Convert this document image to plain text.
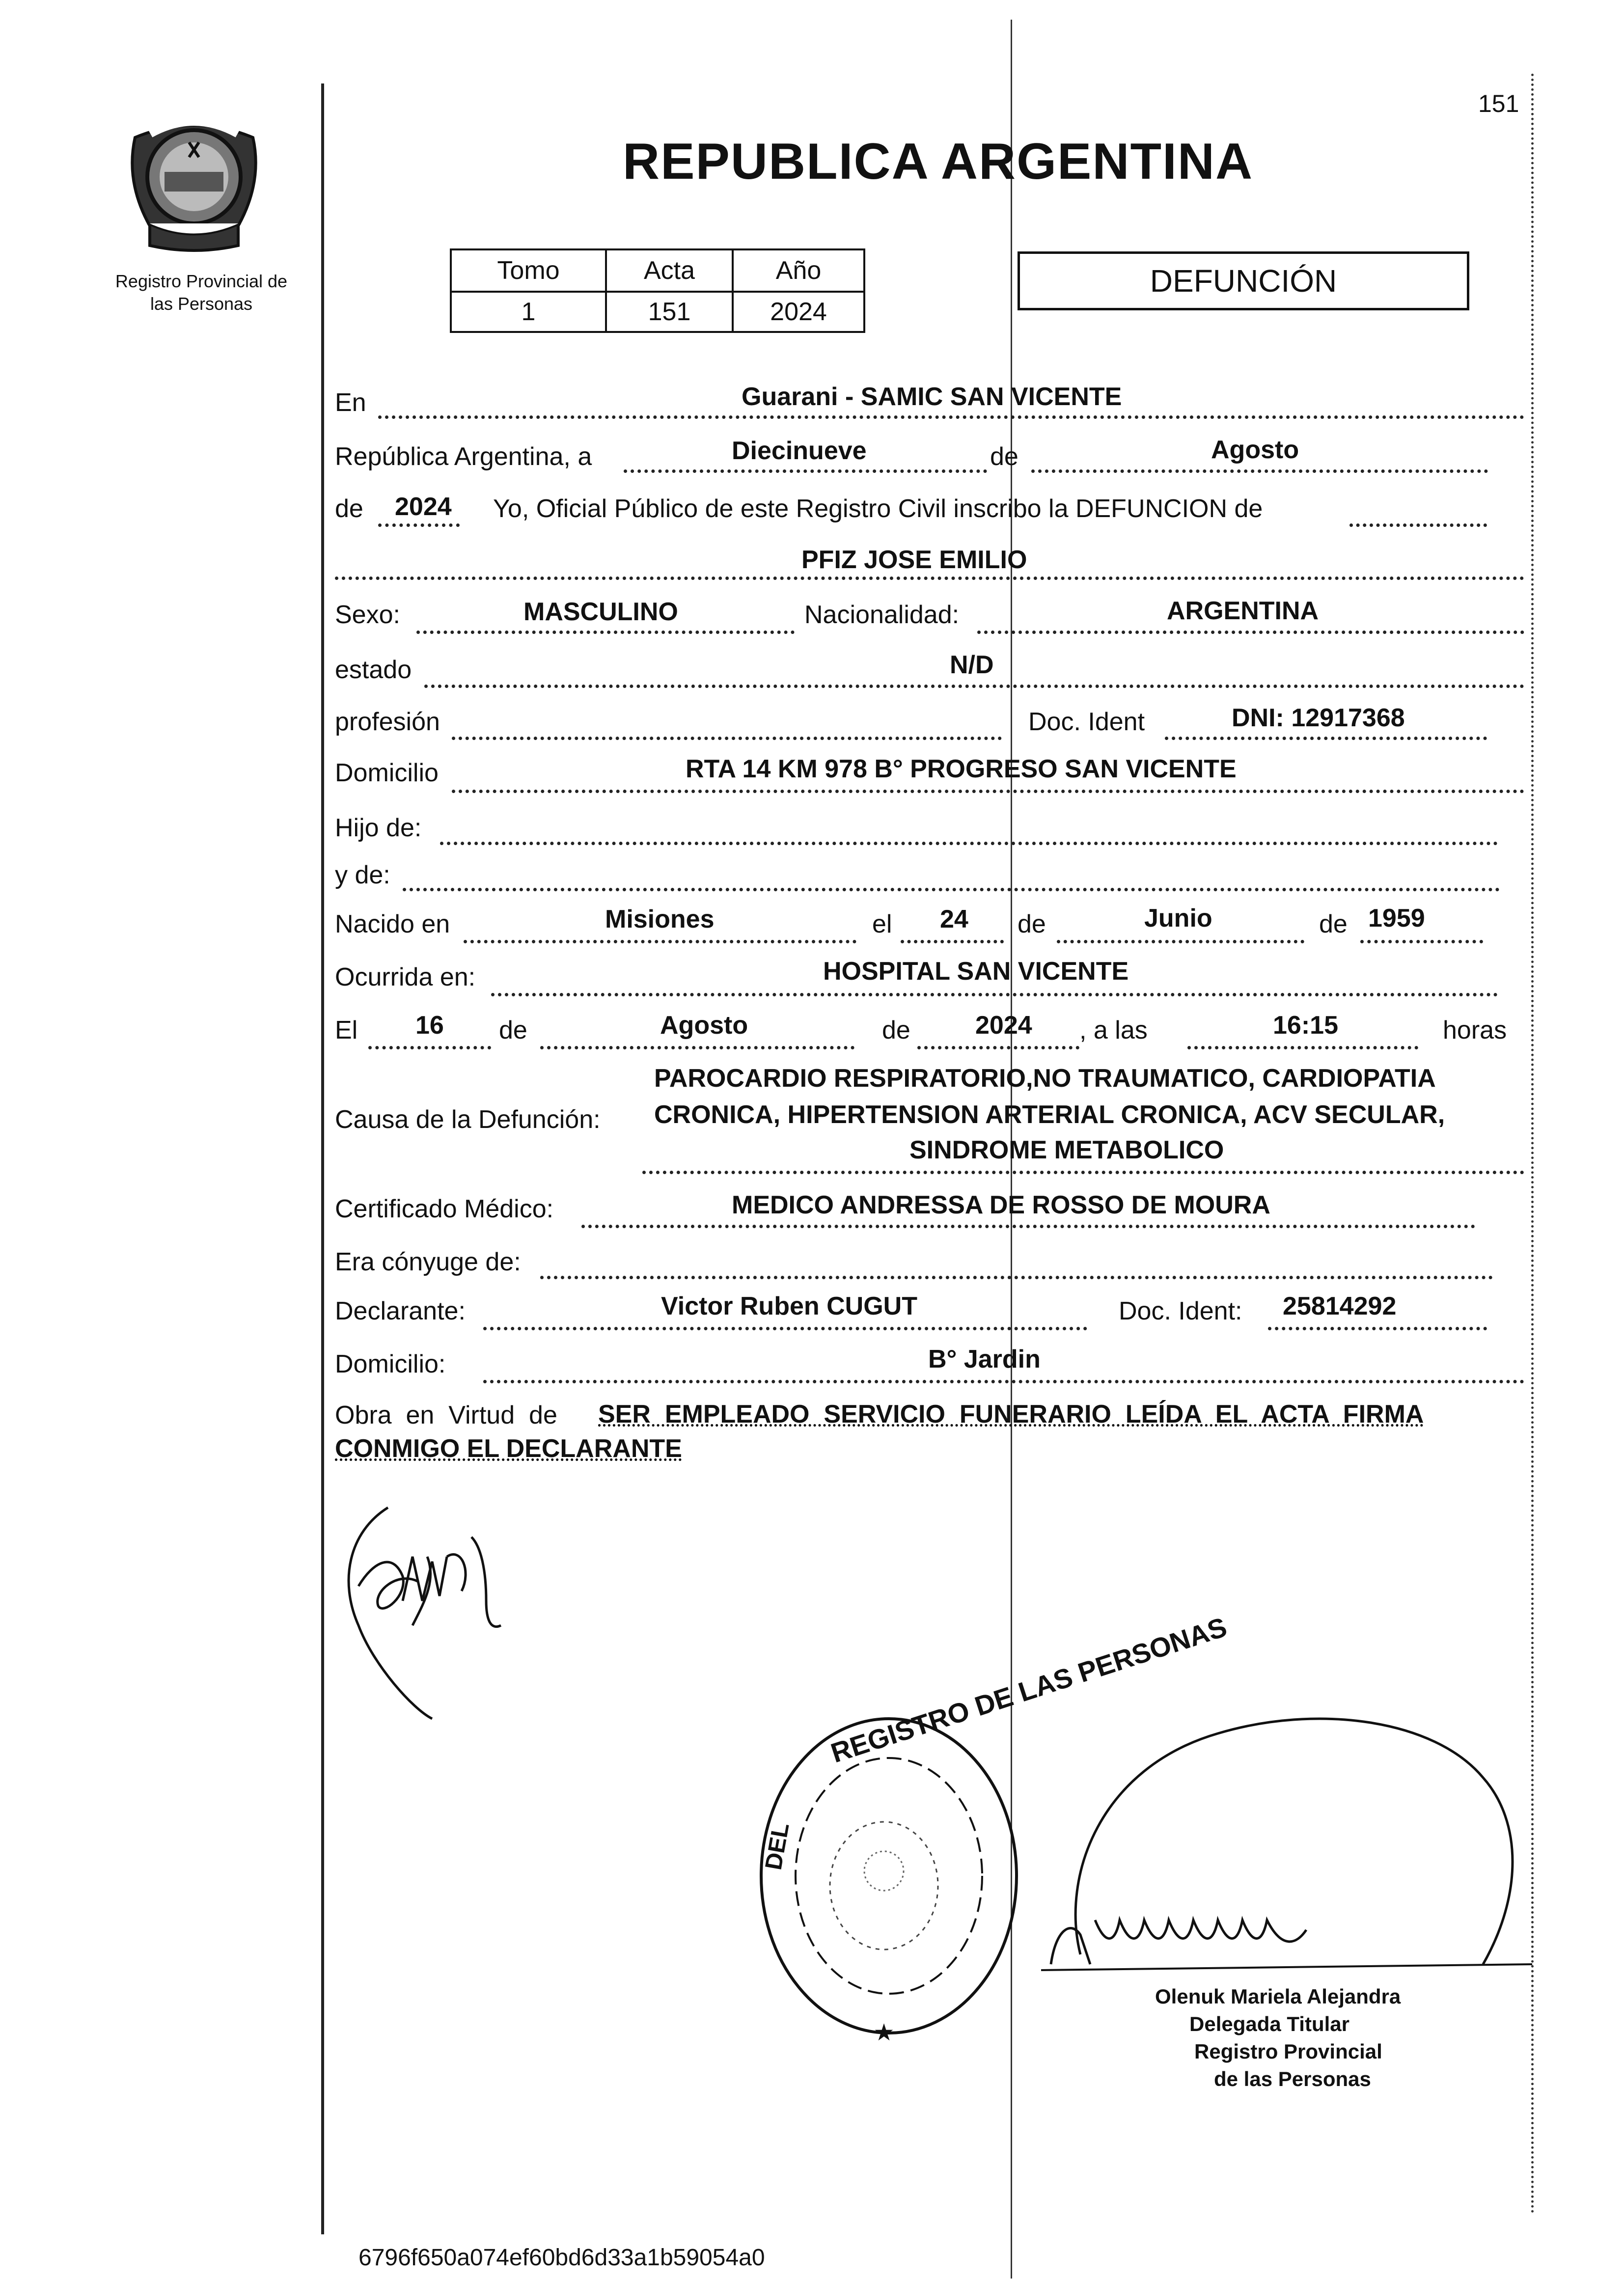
151
Registro Provincial de
las Personas
REPUBLICA ARGENTINA
Tomo	Acta	Año
1	151	2024
DEFUNCIÓN
En	Guarani - SAMIC SAN VICENTE
República Argentina, a	Diecinueve	de	Agosto
de 2024 Yo, Oficial Público de este Registro Civil inscribo la DEFUNCION de
PFIZ JOSE EMILIO
Sexo:	MASCULINO	Nacionalidad:	ARGENTINA
estado	N/D
profesión	Doc. Ident	DNI: 12917368
Domicilio	RTA 14 KM 978 B° PROGRESO SAN VICENTE
Hijo de:
y de:
Nacido en	Misiones	el 24 de	Junio	de 1959
Ocurrida en:	HOSPITAL SAN VICENTE
El 16 de	Agosto	de	2024 , a las	16:15	horas
PAROCARDIO RESPIRATORIO,NO TRAUMATICO, CARDIOPATIA
Causa de la Defunción: CRONICA, HIPERTENSION ARTERIAL CRONICA, ACV SECULAR,
SINDROME METABOLICO
Certificado Médico:	MEDICO ANDRESSA DE ROSSO DE MOURA
Era cónyuge de:
Declarante:	Victor Ruben CUGUT	Doc. Ident: 25814292
Domicilio:	B° Jardin
Obra  en  Virtud  de SER  EMPLEADO  SERVICIO  FUNERARIO  LEÍDA  EL  ACTA  FIRMA
CONMIGO EL DECLARANTE
REGISTRO DE LAS PERSONAS
DEL
★
Olenuk Mariela Alejandra
Delegada Titular
Registro Provincial
de las Personas
6796f650a074ef60bd6d33a1b59054a0
